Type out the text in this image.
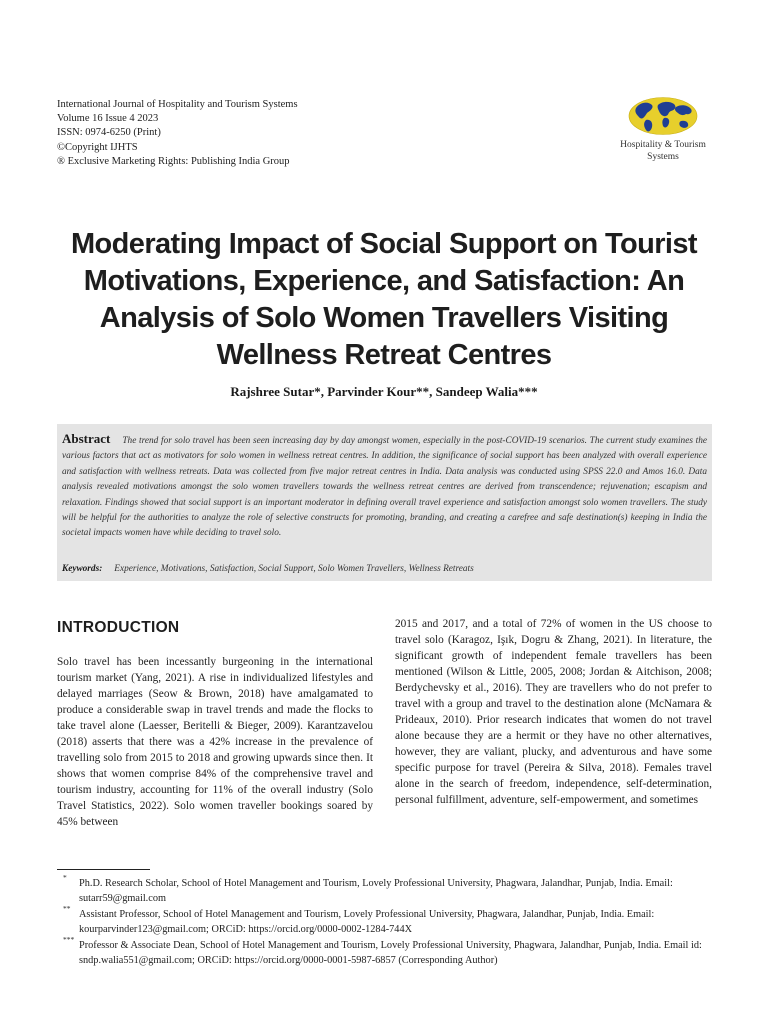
International Journal of Hospitality and Tourism Systems
Volume 16 Issue 4 2023
ISSN: 0974-6250 (Print)
©Copyright IJHTS
® Exclusive Marketing Rights: Publishing India Group
Hospitality & Tourism
Systems
Moderating Impact of Social Support on Tourist Motivations, Experience, and Satisfaction: An Analysis of Solo Women Travellers Visiting Wellness Retreat Centres
Rajshree Sutar*, Parvinder Kour**, Sandeep Walia***
Abstract The trend for solo travel has been seen increasing day by day amongst women, especially in the post-COVID-19 scenarios. The current study examines the various factors that act as motivators for solo women in wellness retreat centres. In addition, the significance of social support has been analyzed with overall experience and satisfaction with wellness retreats. Data was collected from five major retreat centres in India. Data analysis was conducted using SPSS 22.0 and Amos 16.0. Data analysis revealed motivations amongst the solo women travellers towards the wellness retreat centres are derived from transcendence; rejuvenation; escapism and relaxation. Findings showed that social support is an important moderator in defining overall travel experience and satisfaction amongst solo women travellers. The study will be helpful for the authorities to analyze the role of selective constructs for promoting, branding, and creating a carefree and safe destination(s) keeping in India the societal impacts women have while deciding to travel solo.
Keywords: Experience, Motivations, Satisfaction, Social Support, Solo Women Travellers, Wellness Retreats
INTRODUCTION

Solo travel has been incessantly burgeoning in the international tourism market (Yang, 2021). A rise in individualized lifestyles and delayed marriages (Seow & Brown, 2018) have amalgamated to produce a considerable swap in travel trends and made the flocks to take travel alone (Laesser, Beritelli & Bieger, 2009). Karantzavelou (2018) asserts that there was a 42% increase in the prevalence of travelling solo from 2015 to 2018 and growing upwards since then. It shows that women comprise 84% of the comprehensive travel and tourism industry, accounting for 11% of the overall industry (Solo Travel Statistics, 2022). Solo women traveller bookings soared by 45% between

2015 and 2017, and a total of 72% of women in the US choose to travel solo (Karagoz, Işık, Dogru & Zhang, 2021). In literature, the significant growth of independent female travellers has been mentioned (Wilson & Little, 2005, 2008; Jordan & Aitchison, 2008; Berdychevsky et al., 2016). They are travellers who do not prefer to travel with a group and travel to the destination alone (McNamara & Prideaux, 2010). Prior research indicates that women do not travel alone because they are a hermit or they have no other alternatives, however, they are valiant, plucky, and adventurous and have some specific purpose for travel (Pereira & Silva, 2018). Females travel alone in the search of freedom, independence, self-determination, personal fulfillment, adventure, self-empowerment, and sometimes

*
Ph.D. Research Scholar, School of Hotel Management and Tourism, Lovely Professional University, Phagwara, Jalandhar, Punjab, India. Email: sutarr59@gmail.com
**
Assistant Professor, School of Hotel Management and Tourism, Lovely Professional University, Phagwara, Jalandhar, Punjab, India. Email: kourparvinder123@gmail.com; ORCiD: https://orcid.org/0000-0002-1284-744X
***
Professor & Associate Dean, School of Hotel Management and Tourism, Lovely Professional University, Phagwara, Jalandhar, Punjab, India. Email id: sndp.walia551@gmail.com; ORCiD: https://orcid.org/0000-0001-5987-6857 (Corresponding Author)
